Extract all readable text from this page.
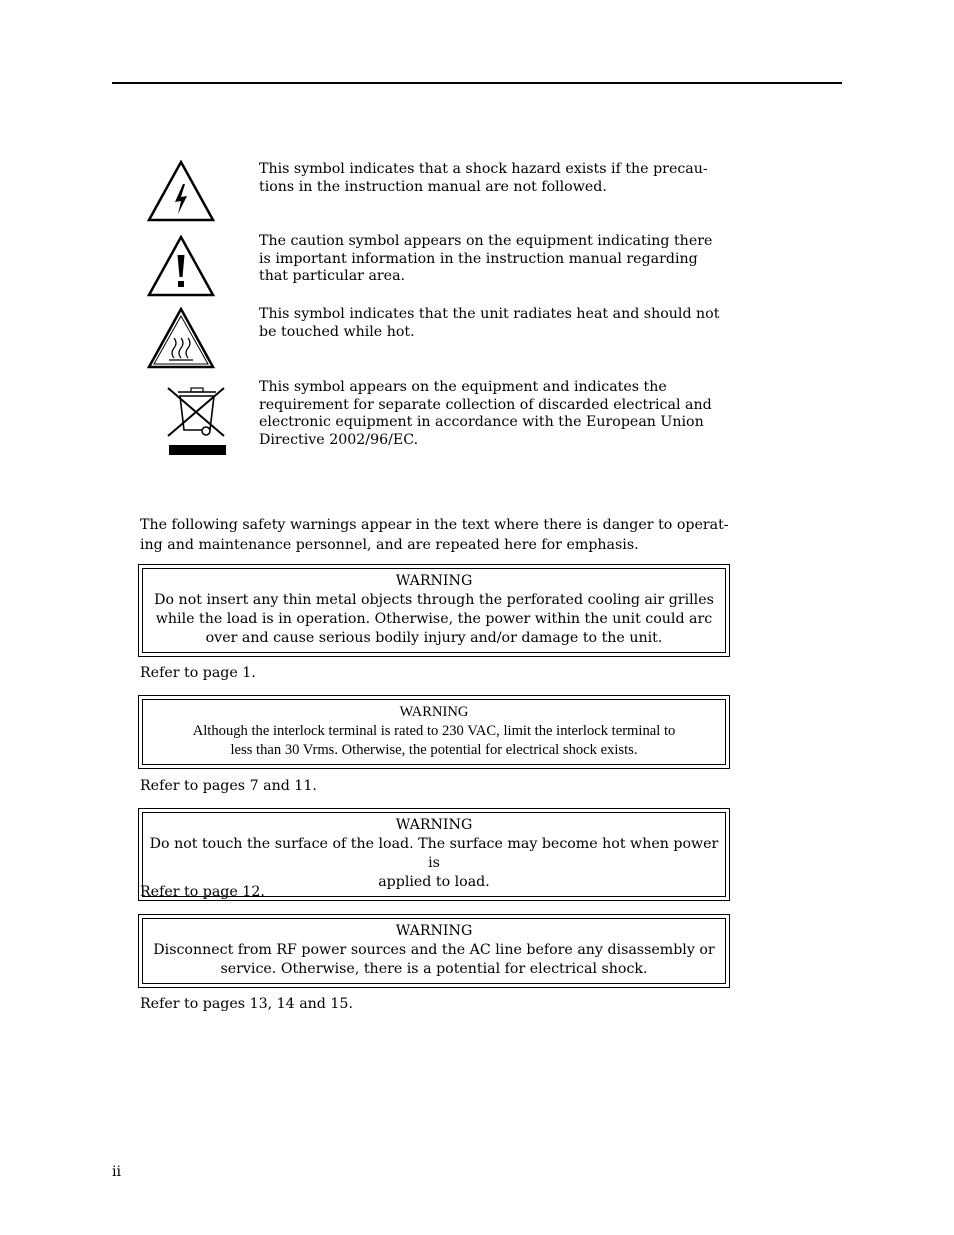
This symbol indicates that a shock hazard exists if the precau-
tions in the instruction manual are not followed.
The caution symbol appears on the equipment indicating there
is important information in the instruction manual regarding
that particular area.
This symbol indicates that the unit radiates heat and should not
be touched while hot.
This symbol appears on the equipment and indicates the
requirement for separate collection of discarded electrical and
electronic equipment in accordance with the European Union
Directive 2002/96/EC.
The following safety warnings appear in the text where there is danger to operat-
ing and maintenance personnel, and are repeated here for emphasis.
WARNING
Do not insert any thin metal objects through the perforated cooling air grilles
while the load is in operation. Otherwise, the power within the unit could arc
over and cause serious bodily injury and/or damage to the unit.
Refer to page 1.
WARNING
Although the interlock terminal is rated to 230 VAC, limit the interlock terminal to
less than 30 Vrms. Otherwise, the potential for electrical shock exists.
Refer to pages 7 and 11.
WARNING
Do not touch the surface of the load. The surface may become hot when power is
applied to load.
Refer to page 12.
WARNING
Disconnect from RF power sources and the AC line before any disassembly or
service. Otherwise, there is a potential for electrical shock.
Refer to pages 13, 14 and 15.
ii
